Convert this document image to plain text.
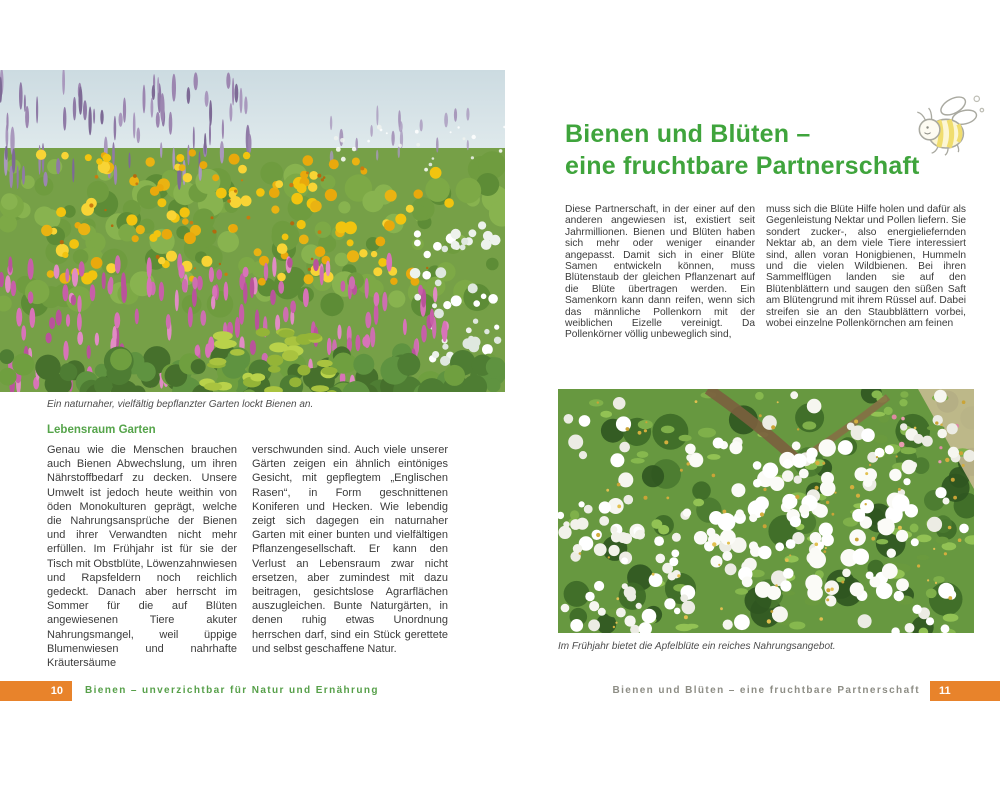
Ein naturnaher, vielfältig bepflanzter Garten lockt Bienen an.

Lebensraum Garten
Genau wie die Menschen brauchen auch Bienen Abwechslung, um ihren Nährstoffbedarf zu decken. Unsere Umwelt ist jedoch heute weithin von öden Monokulturen geprägt, welche die Nahrungsansprüche der Bienen und ihrer Verwandten nicht mehr erfüllen. Im Frühjahr ist für sie der Tisch mit Obstblüte, Löwenzahnwiesen und Rapsfeldern noch reichlich gedeckt. Danach aber herrscht im Sommer für die auf Blüten angewiesenen Tiere akuter Nahrungsmangel, weil üppige Blumenwiesen und nahrhafte Kräutersäume
verschwunden sind. Auch viele unserer Gärten zeigen ein ähnlich eintöniges Gesicht, mit gepflegtem „Englischen Rasen“, in Form geschnittenen Koniferen und Hecken. Wie lebendig zeigt sich dagegen ein naturnaher Garten mit einer bunten und vielfältigen Pflanzengesellschaft. Er kann den Verlust an Lebensraum zwar nicht ersetzen, aber zumindest mit dazu beitragen, gesichtslose Agrarflächen auszugleichen. Bunte Naturgärten, in denen ruhig etwas Unordnung herrschen darf, sind ein Stück gerettete und selbst geschaffene Natur.
10 Bienen – unverzichtbar für Natur und Ernährung
Bienen und Blüten –
eine fruchtbare Partnerschaft
Diese Partnerschaft, in der einer auf den anderen angewiesen ist, existiert seit Jahrmillionen. Bienen und Blüten haben sich mehr oder weniger einander angepasst. Damit sich in einer Blüte Samen entwickeln können, muss Blütenstaub der gleichen Pflanzenart auf die Blüte übertragen werden. Ein Samenkorn kann dann reifen, wenn sich das männliche Pollenkorn mit der weiblichen Eizelle vereinigt. Da Pollenkörner völlig unbeweglich sind,
muss sich die Blüte Hilfe holen und dafür als Gegenleistung Nektar und Pollen liefern. Sie sondert zucker-, also energieliefernden Nektar ab, an dem viele Tiere interessiert sind, allen voran Honigbienen, Hummeln und die vielen Wildbienen. Bei ihren Sammelflügen landen sie auf den Blütenblättern und saugen den süßen Saft am Blütengrund mit ihrem Rüssel auf. Dabei streifen sie an den Staubblättern vorbei, wobei einzelne Pollenkörnchen am feinen

Im Frühjahr bietet die Apfelblüte ein reiches Nahrungsangebot.

Bienen und Blüten – eine fruchtbare Partnerschaft 11
